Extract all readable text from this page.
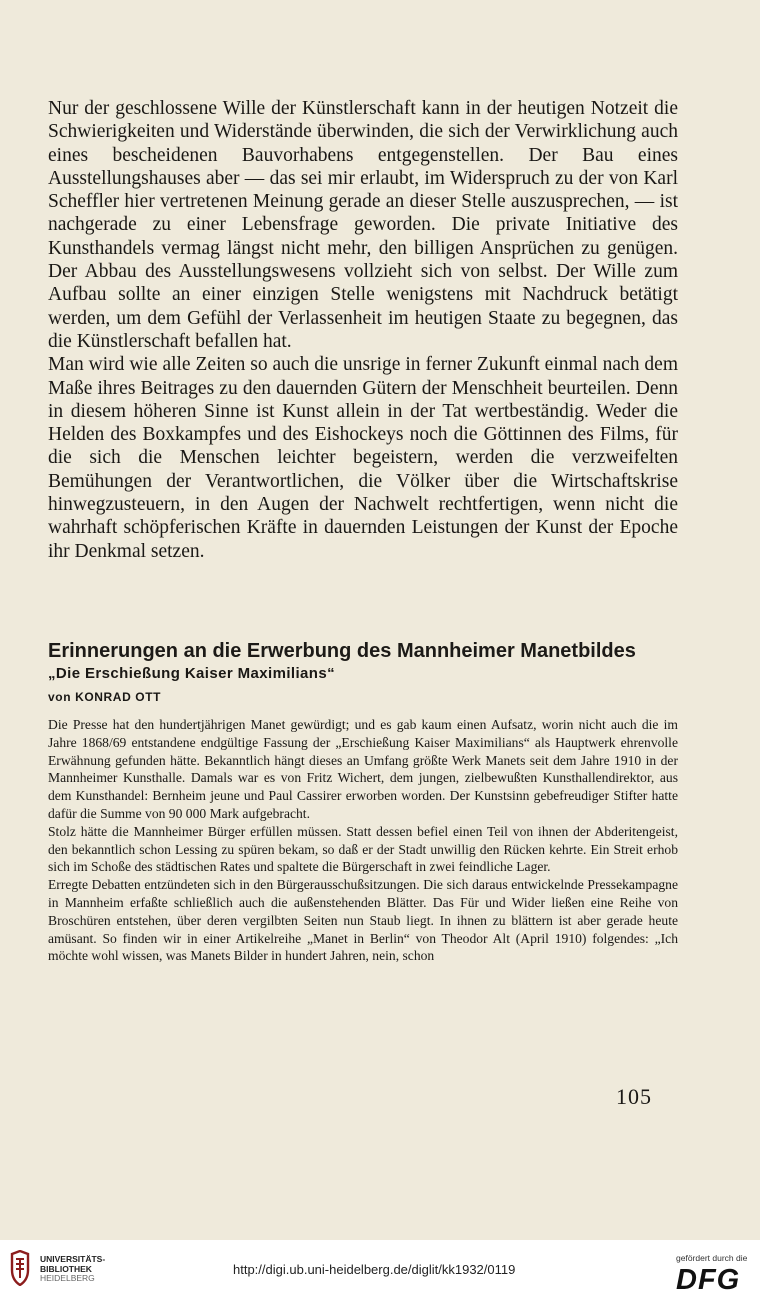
Nur der geschlossene Wille der Künstlerschaft kann in der heutigen Notzeit die Schwierigkeiten und Widerstände überwinden, die sich der Verwirklichung auch eines bescheidenen Bauvorhabens entgegenstellen. Der Bau eines Ausstellungshauses aber — das sei mir erlaubt, im Widerspruch zu der von Karl Scheffler hier vertretenen Meinung gerade an dieser Stelle auszusprechen, — ist nachgerade zu einer Lebensfrage geworden. Die private Initiative des Kunsthandels vermag längst nicht mehr, den billigen Ansprüchen zu genügen. Der Abbau des Ausstellungswesens vollzieht sich von selbst. Der Wille zum Aufbau sollte an einer einzigen Stelle wenigstens mit Nachdruck betätigt werden, um dem Gefühl der Verlassenheit im heutigen Staate zu begegnen, das die Künstlerschaft befallen hat.

Man wird wie alle Zeiten so auch die unsrige in ferner Zukunft einmal nach dem Maße ihres Beitrages zu den dauernden Gütern der Menschheit beurteilen. Denn in diesem höheren Sinne ist Kunst allein in der Tat wertbeständig. Weder die Helden des Boxkampfes und des Eishockeys noch die Göttinnen des Films, für die sich die Menschen leichter begeistern, werden die verzweifelten Bemühungen der Verantwortlichen, die Völker über die Wirtschaftskrise hinwegzusteuern, in den Augen der Nachwelt rechtfertigen, wenn nicht die wahrhaft schöpferischen Kräfte in dauernden Leistungen der Kunst der Epoche ihr Denkmal setzen.

Erinnerungen an die Erwerbung des Mannheimer Manetbildes
„Die Erschießung Kaiser Maximilians“
von KONRAD OTT

Die Presse hat den hundertjährigen Manet gewürdigt; und es gab kaum einen Aufsatz, worin nicht auch die im Jahre 1868/69 entstandene endgültige Fassung der „Erschießung Kaiser Maximilians“ als Hauptwerk ehrenvolle Erwähnung gefunden hätte. Bekanntlich hängt dieses an Umfang größte Werk Manets seit dem Jahre 1910 in der Mannheimer Kunsthalle. Damals war es von Fritz Wichert, dem jungen, zielbewußten Kunsthallendirektor, aus dem Kunsthandel: Bernheim jeune und Paul Cassirer erworben worden. Der Kunstsinn gebefreudiger Stifter hatte dafür die Summe von 90 000 Mark aufgebracht.

Stolz hätte die Mannheimer Bürger erfüllen müssen. Statt dessen befiel einen Teil von ihnen der Abderitengeist, den bekanntlich schon Lessing zu spüren bekam, so daß er der Stadt unwillig den Rücken kehrte. Ein Streit erhob sich im Schoße des städtischen Rates und spaltete die Bürgerschaft in zwei feindliche Lager.

Erregte Debatten entzündeten sich in den Bürgerausschußsitzungen. Die sich daraus entwickelnde Pressekampagne in Mannheim erfaßte schließlich auch die außenstehenden Blätter. Das Für und Wider ließen eine Reihe von Broschüren entstehen, über deren vergilbten Seiten nun Staub liegt. In ihnen zu blättern ist aber gerade heute amüsant. So finden wir in einer Artikelreihe „Manet in Berlin“ von Theodor Alt (April 1910) folgendes: „Ich möchte wohl wissen, was Manets Bilder in hundert Jahren, nein, schon

105
UNIVERSITÄTS-
BIBLIOTHEK
HEIDELBERG
http://digi.ub.uni-heidelberg.de/diglit/kk1932/0119
gefördert durch die
DFG
